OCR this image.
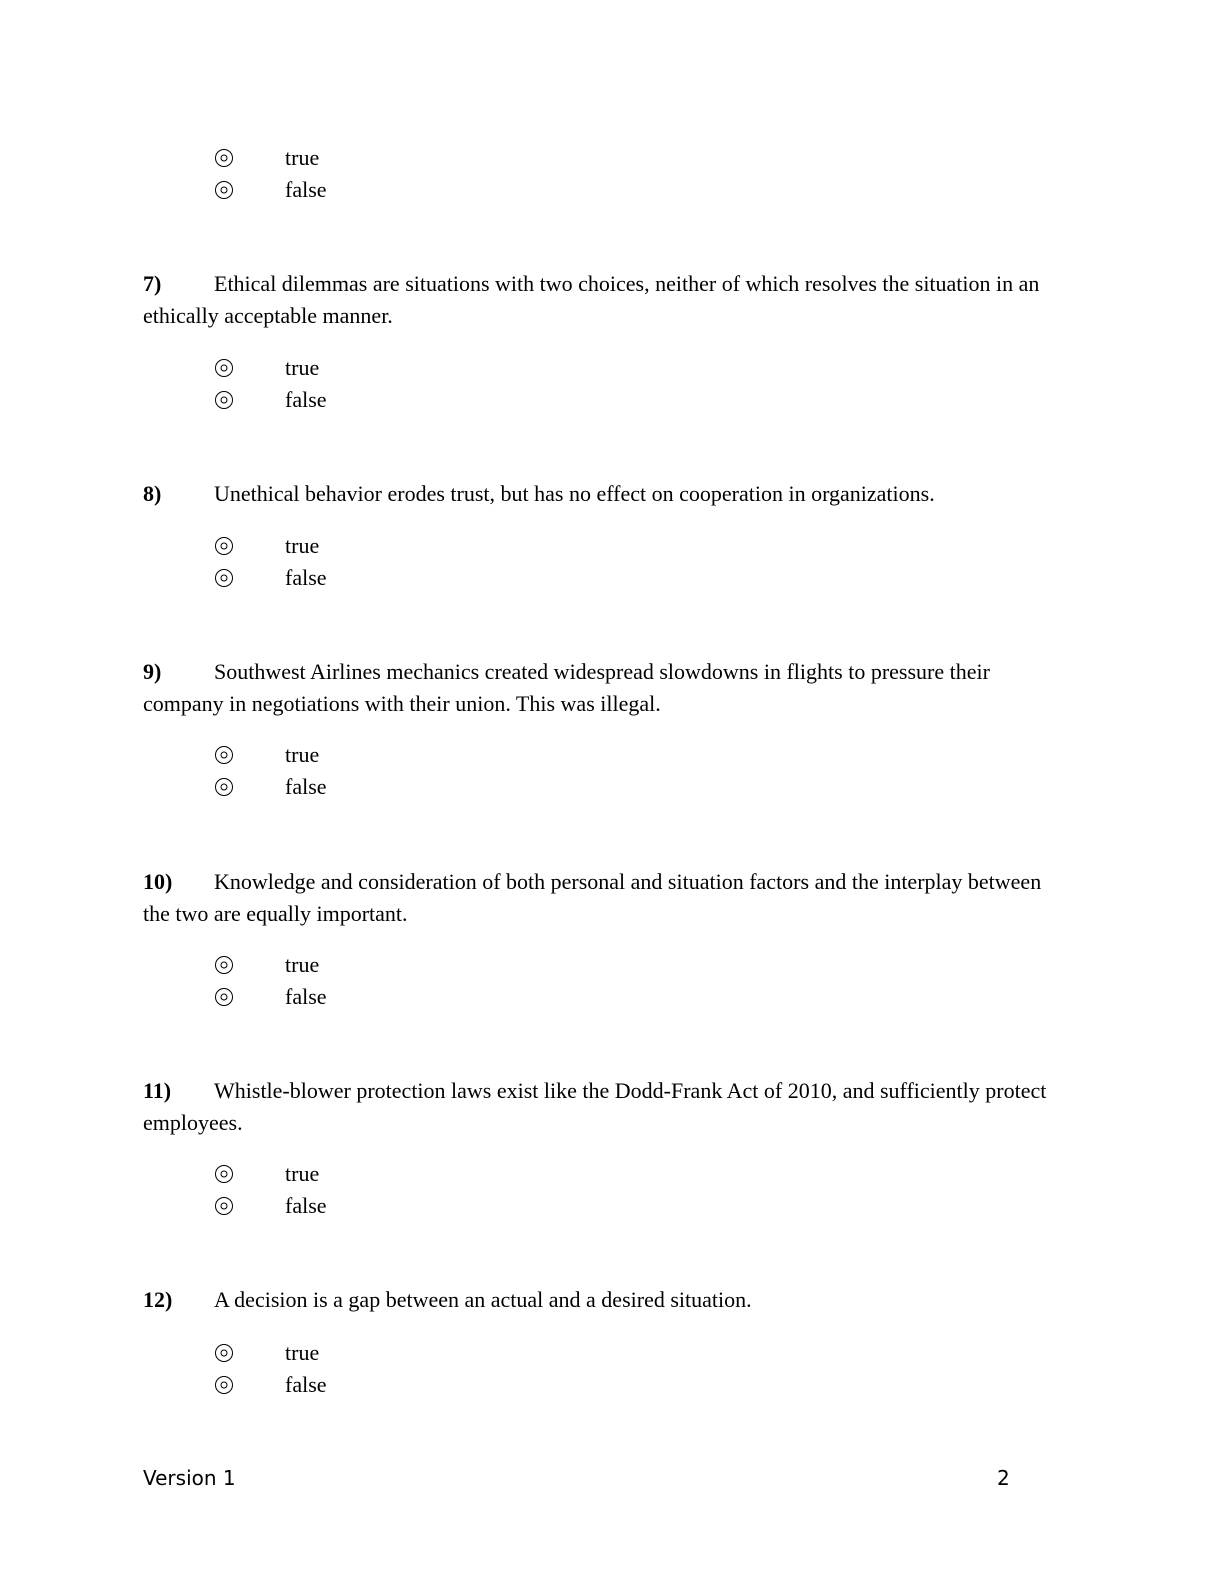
true
false
7) Ethical dilemmas are situations with two choices, neither of which resolves the situation in an ethically acceptable manner.
true
false
8) Unethical behavior erodes trust, but has no effect on cooperation in organizations.
true
false
9) Southwest Airlines mechanics created widespread slowdowns in flights to pressure their company in negotiations with their union. This was illegal.
true
false
10) Knowledge and consideration of both personal and situation factors and the interplay between the two are equally important.
true
false
11) Whistle-blower protection laws exist like the Dodd-Frank Act of 2010, and sufficiently protect employees.
true
false
12) A decision is a gap between an actual and a desired situation.
true
false
Version 1	2
